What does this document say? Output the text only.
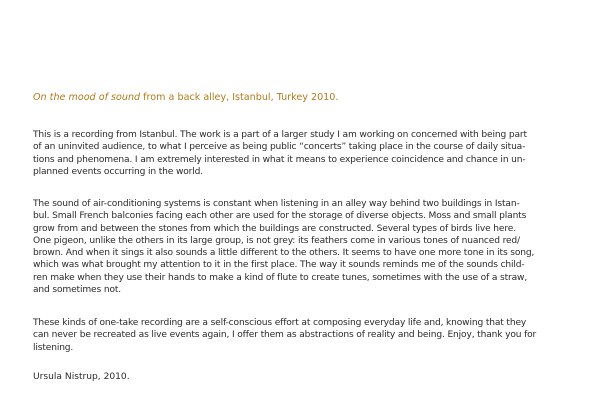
On the mood of sound from a back alley, Istanbul, Turkey 2010.
This is a recording from Istanbul. The work is a part of a larger study I am working on concerned with being part
of an uninvited audience, to what I perceive as being public “concerts” taking place in the course of daily situa-
tions and phenomena. I am extremely interested in what it means to experience coincidence and chance in un-
planned events occurring in the world.
The sound of air-conditioning systems is constant when listening in an alley way behind two buildings in Istan-
bul. Small French balconies facing each other are used for the storage of diverse objects. Moss and small plants
grow from and between the stones from which the buildings are constructed. Several types of birds live here.
One pigeon, unlike the others in its large group, is not grey: its feathers come in various tones of nuanced red/
brown. And when it sings it also sounds a little different to the others. It seems to have one more tone in its song,
which was what brought my attention to it in the first place. The way it sounds reminds me of the sounds child-
ren make when they use their hands to make a kind of flute to create tunes, sometimes with the use of a straw,
and sometimes not.
These kinds of one-take recording are a self-conscious effort at composing everyday life and, knowing that they
can never be recreated as live events again, I offer them as abstractions of reality and being. Enjoy, thank you for
listening.
Ursula Nistrup, 2010.
